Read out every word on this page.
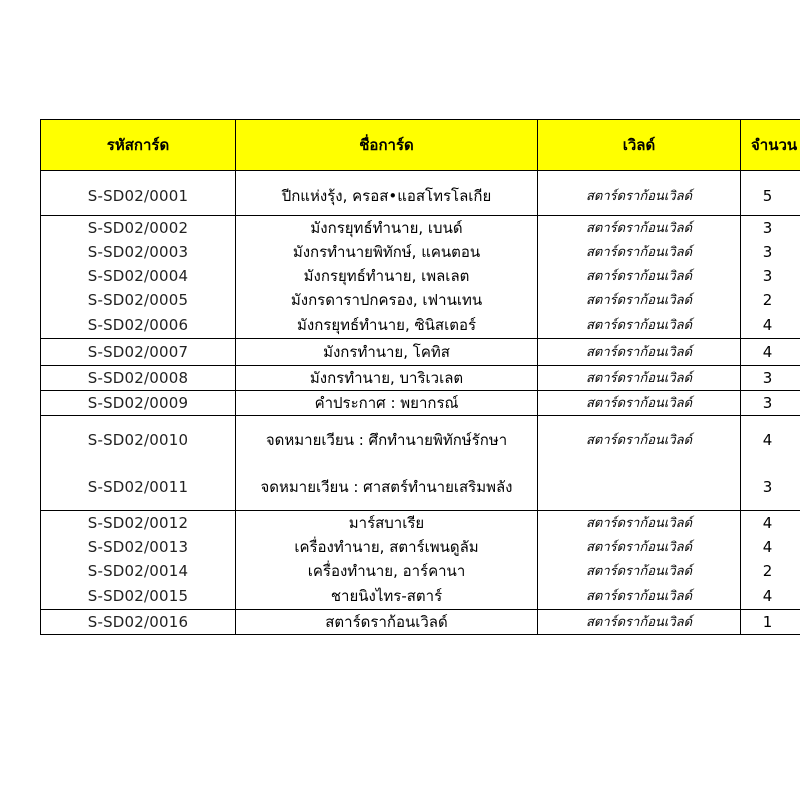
รหัสการ์ด	ชื่อการ์ด	เวิลด์	จำนวน

S-SD02/0001	ปีกแห่งรุ้ง, ครอส•แอสโทรโลเกีย	สตาร์ดราก้อนเวิลด์	5
S-SD02/0002	มังกรยุทธ์ทำนาย, เบนด์	สตาร์ดราก้อนเวิลด์	3
S-SD02/0003	มังกรทำนายพิทักษ์, แคนตอน	สตาร์ดราก้อนเวิลด์	3
S-SD02/0004	มังกรยุทธ์ทำนาย, เพลเลต	สตาร์ดราก้อนเวิลด์	3
S-SD02/0005	มังกรดาราปกครอง, เฟานเทน	สตาร์ดราก้อนเวิลด์	2
S-SD02/0006	มังกรยุทธ์ทำนาย, ซินิสเตอร์	สตาร์ดราก้อนเวิลด์	4
S-SD02/0007	มังกรทำนาย, โคทิส	สตาร์ดราก้อนเวิลด์	4
S-SD02/0008	มังกรทำนาย, บาริเวเลต	สตาร์ดราก้อนเวิลด์	3
S-SD02/0009	คำประกาศ : พยากรณ์	สตาร์ดราก้อนเวิลด์	3
S-SD02/0010	จดหมายเวียน : ศึกทำนายพิทักษ์รักษา	สตาร์ดราก้อนเวิลด์	4
S-SD02/0011	จดหมายเวียน : ศาสตร์ทำนายเสริมพลัง		3
S-SD02/0012	มาร์สบาเรีย	สตาร์ดราก้อนเวิลด์	4
S-SD02/0013	เครื่องทำนาย, สตาร์เพนดูลัม	สตาร์ดราก้อนเวิลด์	4
S-SD02/0014	เครื่องทำนาย, อาร์คานา	สตาร์ดราก้อนเวิลด์	2
S-SD02/0015	ชายนิงไทร-สตาร์	สตาร์ดราก้อนเวิลด์	4
S-SD02/0016	สตาร์ดราก้อนเวิลด์	สตาร์ดราก้อนเวิลด์	1
